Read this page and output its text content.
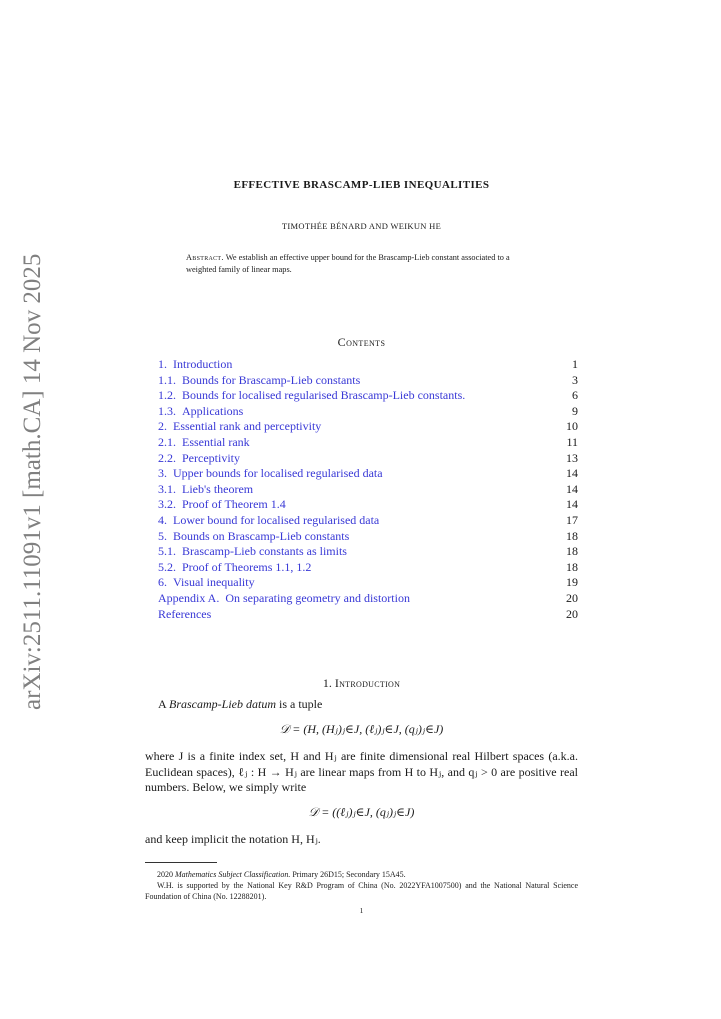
arXiv:2511.11091v1 [math.CA] 14 Nov 2025
EFFECTIVE BRASCAMP-LIEB INEQUALITIES
TIMOTHÉE BÉNARD AND WEIKUN HE
Abstract. We establish an effective upper bound for the Brascamp-Lieb constant associated to a weighted family of linear maps.
Contents
1. Introduction	1
1.1. Bounds for Brascamp-Lieb constants	3
1.2. Bounds for localised regularised Brascamp-Lieb constants.	6
1.3. Applications	9
2. Essential rank and perceptivity	10
2.1. Essential rank	11
2.2. Perceptivity	13
3. Upper bounds for localised regularised data	14
3.1. Lieb's theorem	14
3.2. Proof of Theorem 1.4	14
4. Lower bound for localised regularised data	17
5. Bounds on Brascamp-Lieb constants	18
5.1. Brascamp-Lieb constants as limits	18
5.2. Proof of Theorems 1.1, 1.2	18
6. Visual inequality	19
Appendix A. On separating geometry and distortion	20
References	20
1. Introduction
A Brascamp-Lieb datum is a tuple
𝒟 = (H, (Hⱼ)ⱼ∈J, (ℓⱼ)ⱼ∈J, (qⱼ)ⱼ∈J)
where J is a finite index set, H and Hⱼ are finite dimensional real Hilbert spaces (a.k.a. Euclidean spaces), ℓⱼ : H → Hⱼ are linear maps from H to Hⱼ, and qⱼ > 0 are positive real numbers. Below, we simply write
𝒟 = ((ℓⱼ)ⱼ∈J, (qⱼ)ⱼ∈J)
and keep implicit the notation H, Hⱼ.
2020 Mathematics Subject Classification. Primary 26D15; Secondary 15A45.
W.H. is supported by the National Key R&D Program of China (No. 2022YFA1007500) and the National Natural Science Foundation of China (No. 12288201).
1
